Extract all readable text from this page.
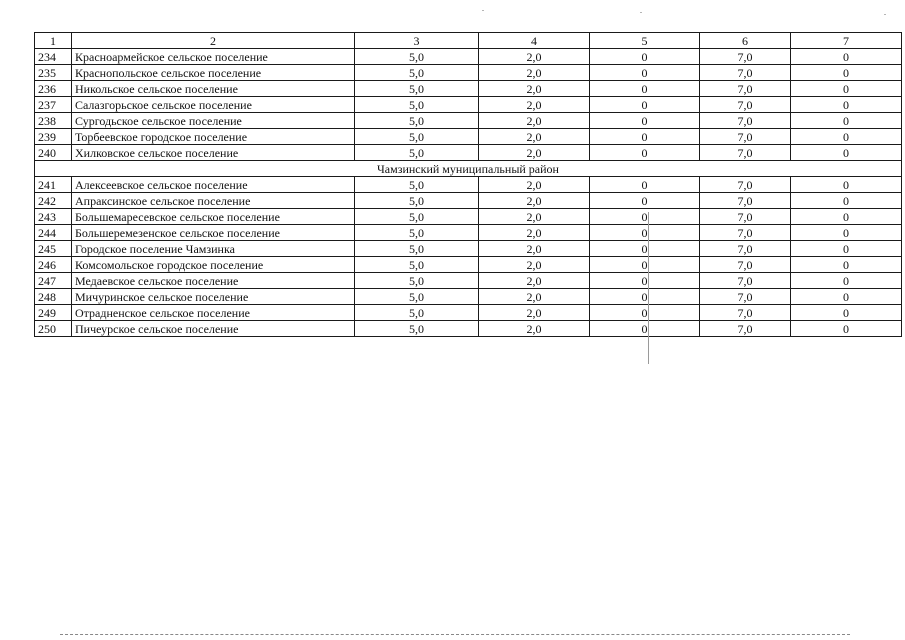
1	2	3	4	5	6	7
234	Красноармейское сельское поселение	5,0	2,0	0	7,0	0
235	Краснопольское сельское поселение	5,0	2,0	0	7,0	0
236	Никольское сельское поселение	5,0	2,0	0	7,0	0
237	Салазгорьское сельское поселение	5,0	2,0	0	7,0	0
238	Сургодьское сельское поселение	5,0	2,0	0	7,0	0
239	Торбеевское городское поселение	5,0	2,0	0	7,0	0
240	Хилковское сельское поселение	5,0	2,0	0	7,0	0
Чамзинский муниципальный район						
241	Алексеевское сельское поселение	5,0	2,0	0	7,0	0
242	Апраксинское сельское поселение	5,0	2,0	0	7,0	0
243	Большемаресевское сельское поселение	5,0	2,0	0	7,0	0
244	Большеремезенское сельское поселение	5,0	2,0	0	7,0	0
245	Городское поселение Чамзинка	5,0	2,0	0	7,0	0
246	Комсомольское городское поселение	5,0	2,0	0	7,0	0
247	Медаевское сельское поселение	5,0	2,0	0	7,0	0
248	Мичуринское сельское поселение	5,0	2,0	0	7,0	0
249	Отрадненское сельское поселение	5,0	2,0	0	7,0	0
250	Пичеурское сельское поселение	5,0	2,0	0	7,0	0
